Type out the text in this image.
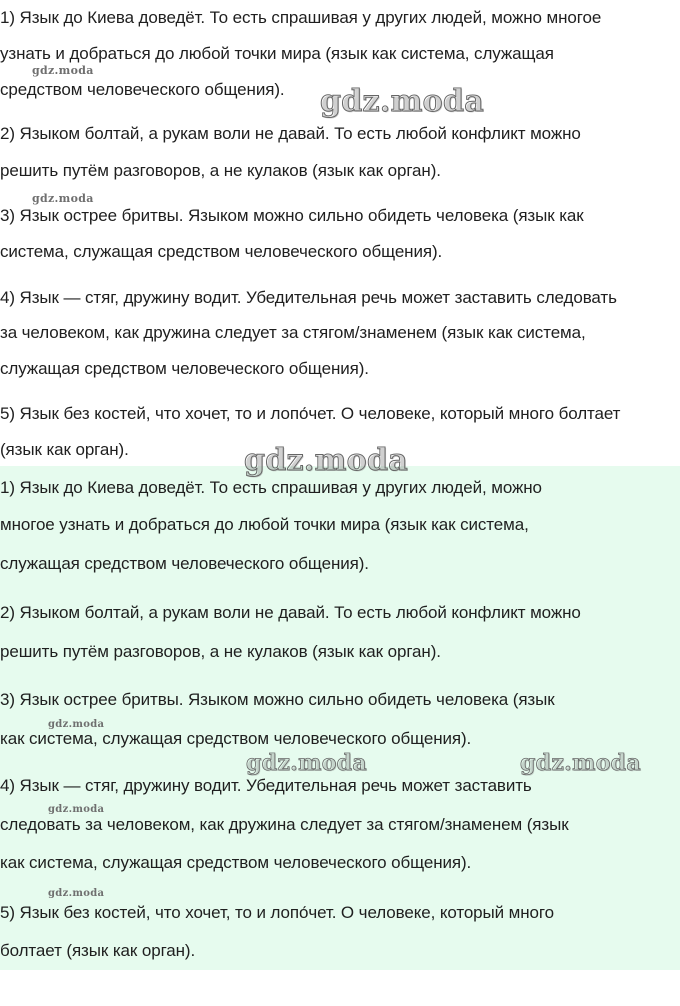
1) Язык до Киева доведёт. То есть спрашивая у других людей, можно многое
узнать и добраться до любой точки мира (язык как система, служащая
средством человеческого общения).
2) Языком болтай, а рукам воли не давай. То есть любой конфликт можно
решить путём разговоров, а не кулаков (язык как орган).
3) Язык острее бритвы. Языком можно сильно обидеть человека (язык как
система, служащая средством человеческого общения).
4) Язык — стяг, дружину водит. Убедительная речь может заставить следовать
за человеком, как дружина следует за стягом/знаменем (язык как система,
служащая средством человеческого общения).
5) Язык без костей, что хочет, то и лопо́чет. О человеке, который много болтает
(язык как орган).
1) Язык до Киева доведёт. То есть спрашивая у других людей, можно
многое узнать и добраться до любой точки мира (язык как система,
служащая средством человеческого общения).
2) Языком болтай, а рукам воли не давай. То есть любой конфликт можно
решить путём разговоров, а не кулаков (язык как орган).
3) Язык острее бритвы. Языком можно сильно обидеть человека (язык
как система, служащая средством человеческого общения).
4) Язык — стяг, дружину водит. Убедительная речь может заставить
следовать за человеком, как дружина следует за стягом/знаменем (язык
как система, служащая средством человеческого общения).
5) Язык без костей, что хочет, то и лопо́чет. О человеке, который много
болтает (язык как орган).
gdz.moda
gdz.moda
gdz.moda
gdz.moda
gdz.moda
